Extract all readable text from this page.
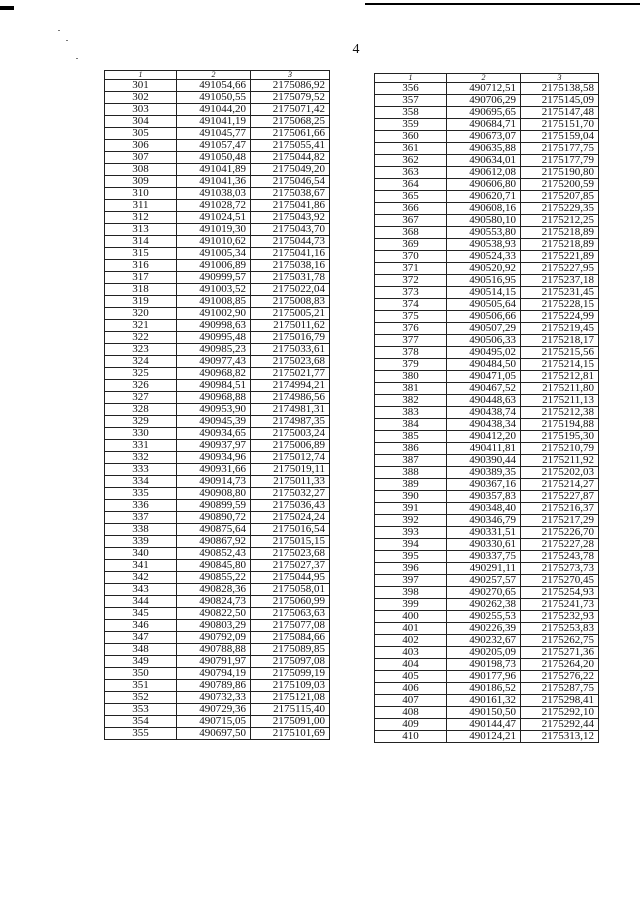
4
1	2	3
301	491054,66	2175086,92
302	491050,55	2175079,52
303	491044,20	2175071,42
304	491041,19	2175068,25
305	491045,77	2175061,66
306	491057,47	2175055,41
307	491050,48	2175044,82
308	491041,89	2175049,20
309	491041,36	2175046,54
310	491038,03	2175038,67
311	491028,72	2175041,86
312	491024,51	2175043,92
313	491019,30	2175043,70
314	491010,62	2175044,73
315	491005,34	2175041,16
316	491006,89	2175038,16
317	490999,57	2175031,78
318	491003,52	2175022,04
319	491008,85	2175008,83
320	491002,90	2175005,21
321	490998,63	2175011,62
322	490995,48	2175016,79
323	490985,23	2175033,61
324	490977,43	2175023,68
325	490968,82	2175021,77
326	490984,51	2174994,21
327	490968,88	2174986,56
328	490953,90	2174981,31
329	490945,39	2174987,35
330	490934,65	2175003,24
331	490937,97	2175006,89
332	490934,96	2175012,74
333	490931,66	2175019,11
334	490914,73	2175011,33
335	490908,80	2175032,27
336	490899,59	2175036,43
337	490890,72	2175024,24
338	490875,64	2175016,54
339	490867,92	2175015,15
340	490852,43	2175023,68
341	490845,80	2175027,37
342	490855,22	2175044,95
343	490828,36	2175058,01
344	490824,73	2175060,99
345	490822,50	2175063,63
346	490803,29	2175077,08
347	490792,09	2175084,66
348	490788,88	2175089,85
349	490791,97	2175097,08
350	490794,19	2175099,19
351	490789,86	2175109,03
352	490732,33	2175121,08
353	490729,36	2175115,40
354	490715,05	2175091,00
355	490697,50	2175101,69
1	2	3
356	490712,51	2175138,58
357	490706,29	2175145,09
358	490695,65	2175147,48
359	490684,71	2175151,70
360	490673,07	2175159,04
361	490635,88	2175177,75
362	490634,01	2175177,79
363	490612,08	2175190,80
364	490606,80	2175200,59
365	490620,71	2175207,85
366	490608,16	2175229,35
367	490580,10	2175212,25
368	490553,80	2175218,89
369	490538,93	2175218,89
370	490524,33	2175221,89
371	490520,92	2175227,95
372	490516,95	2175237,18
373	490514,15	2175231,45
374	490505,64	2175228,15
375	490506,66	2175224,99
376	490507,29	2175219,45
377	490506,33	2175218,17
378	490495,02	2175215,56
379	490484,50	2175214,15
380	490471,05	2175212,81
381	490467,52	2175211,80
382	490448,63	2175211,13
383	490438,74	2175212,38
384	490438,34	2175194,88
385	490412,20	2175195,30
386	490411,81	2175210,79
387	490390,44	2175211,92
388	490389,35	2175202,03
389	490367,16	2175214,27
390	490357,83	2175227,87
391	490348,40	2175216,37
392	490346,79	2175217,29
393	490331,51	2175226,70
394	490330,61	2175227,28
395	490337,75	2175243,78
396	490291,11	2175273,73
397	490257,57	2175270,45
398	490270,65	2175254,93
399	490262,38	2175241,73
400	490255,53	2175232,93
401	490226,39	2175253,83
402	490232,67	2175262,75
403	490205,09	2175271,36
404	490198,73	2175264,20
405	490177,96	2175276,22
406	490186,52	2175287,75
407	490161,32	2175298,41
408	490150,50	2175292,10
409	490144,47	2175292,44
410	490124,21	2175313,12
